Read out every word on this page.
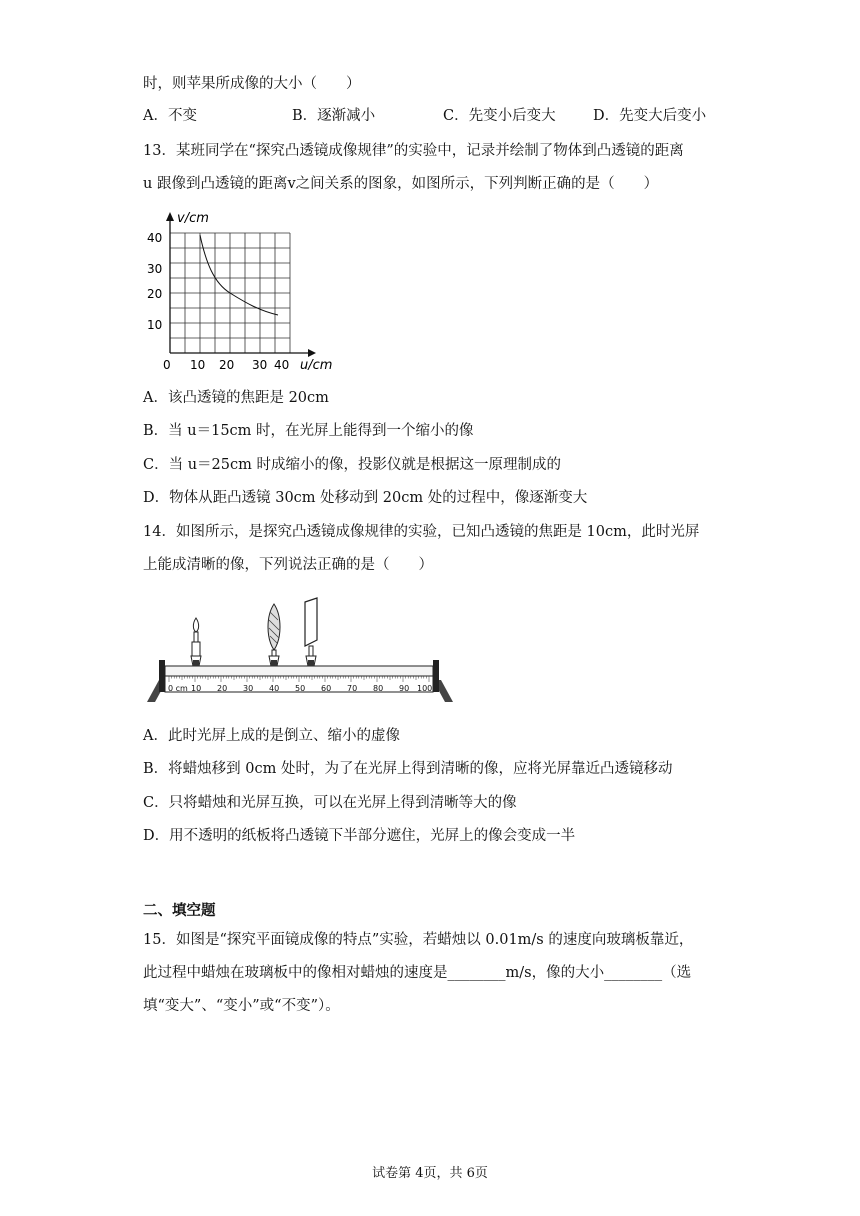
时，则苹果所成像的大小（　　）
A．不变	B．逐渐减小	C．先变小后变大	D．先变大后变小
13．某班同学在“探究凸透镜成像规律”的实验中，记录并绘制了物体到凸透镜的距离
u 跟像到凸透镜的距离v之间关系的图象，如图所示，下列判断正确的是（　　）
v/cm
u/cm
0 10 20 30 40
40
30
20
10
A．该凸透镜的焦距是 20cm
B．当 u＝15cm 时，在光屏上能得到一个缩小的像
C．当 u＝25cm 时成缩小的像，投影仪就是根据这一原理制成的
D．物体从距凸透镜 30cm 处移动到 20cm 处的过程中，像逐渐变大
14．如图所示，是探究凸透镜成像规律的实验，已知凸透镜的焦距是 10cm，此时光屏
上能成清晰的像，下列说法正确的是（　　）
0 cm 10 20 30 40 50 60 70 80 90 100
A．此时光屏上成的是倒立、缩小的虚像
B．将蜡烛移到 0cm 处时，为了在光屏上得到清晰的像，应将光屏靠近凸透镜移动
C．只将蜡烛和光屏互换，可以在光屏上得到清晰等大的像
D．用不透明的纸板将凸透镜下半部分遮住，光屏上的像会变成一半
二、填空题
15．如图是“探究平面镜成像的特点”实验，若蜡烛以 0.01m/s 的速度向玻璃板靠近，
此过程中蜡烛在玻璃板中的像相对蜡烛的速度是________m/s，像的大小________（选
填“变大”、“变小”或“不变”）。
试卷第 4页，共 6页
